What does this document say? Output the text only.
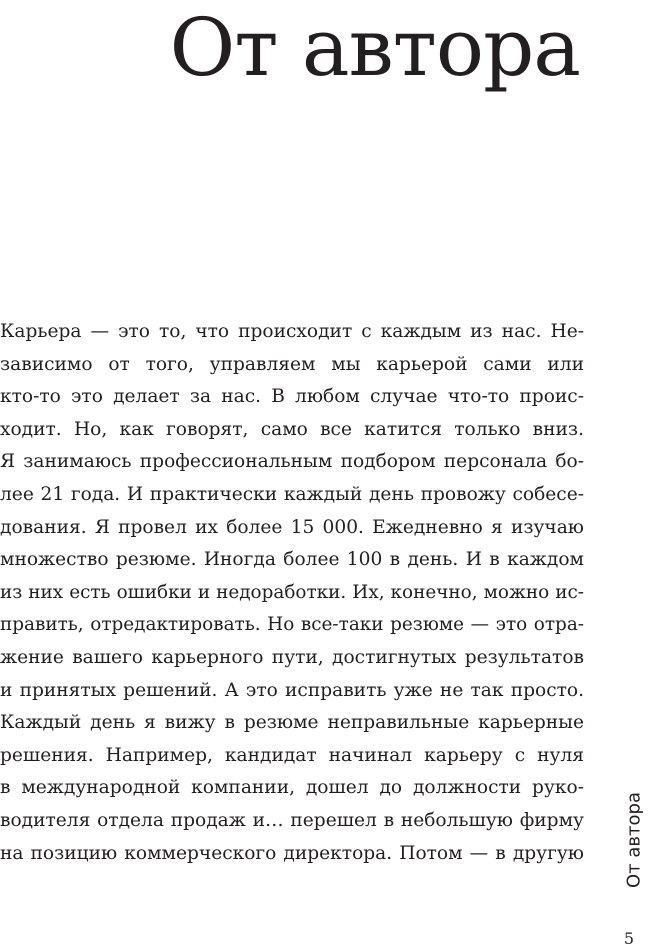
От автора
Карьера — это то, что происходит с каждым из нас. Не-
зависимо от того, управляем мы карьерой сами или
кто-то это делает за нас. В любом случае что-то проис-
ходит. Но, как говорят, само все катится только вниз.
Я занимаюсь профессиональным подбором персонала бо-
лее 21 года. И практически каждый день провожу собесе-
дования. Я провел их более 15 000. Ежедневно я изучаю
множество резюме. Иногда более 100 в день. И в каждом
из них есть ошибки и недоработки. Их, конечно, можно ис-
править, отредактировать. Но все-таки резюме — это отра-
жение вашего карьерного пути, достигнутых результатов
и принятых решений. А это исправить уже не так просто.
Каждый день я вижу в резюме неправильные карьерные
решения. Например, кандидат начинал карьеру с нуля
в международной компании, дошел до должности руко-
водителя отдела продаж и… перешел в небольшую фирму
на позицию коммерческого директора. Потом — в другую От автора
5
